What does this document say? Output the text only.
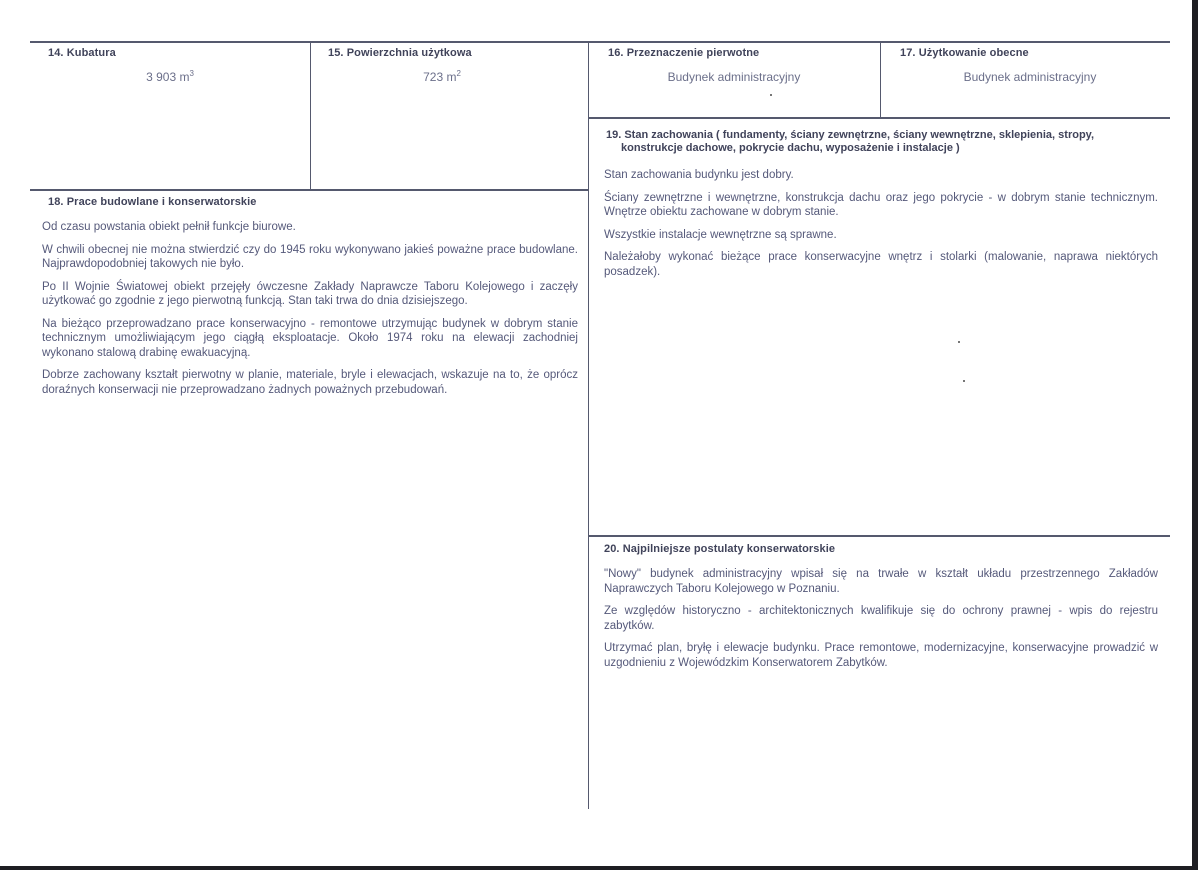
14. Kubatura
3 903 $m^3$
15. Powierzchnia użytkowa
723 $m^2$
16. Przeznaczenie pierwotne
Budynek administracyjny
17. Użytkowanie obecne
Budynek administracyjny
18. Prace budowlane i konserwatorskie

Od czasu powstania obiekt pełnił funkcje biurowe.

W chwili obecnej nie można stwierdzić czy do 1945 roku wykonywano jakieś poważne prace budowlane. Najprawdopodobniej takowych nie było.

Po II Wojnie Światowej obiekt przejęły ówczesne Zakłady Naprawcze Taboru Kolejowego i zaczęły użytkować go zgodnie z jego pierwotną funkcją. Stan taki trwa do dnia dzisiejszego.

Na bieżąco przeprowadzano prace konserwacyjno - remontowe utrzymując budynek w dobrym stanie technicznym umożliwiającym jego ciągłą eksploatacje. Około 1974 roku na elewacji zachodniej wykonano stalową drabinę ewakuacyjną.

Dobrze zachowany kształt pierwotny w planie, materiale, bryle i elewacjach, wskazuje na to, że oprócz doraźnych konserwacji nie przeprowadzano żadnych poważnych przebudowań.

19. Stan zachowania ( fundamenty, ściany zewnętrzne, ściany wewnętrzne, sklepienia, stropy,
konstrukcje dachowe, pokrycie dachu, wyposażenie i instalacje )

Stan zachowania budynku jest dobry.

Ściany zewnętrzne i wewnętrzne, konstrukcja dachu oraz jego pokrycie - w dobrym stanie technicznym. Wnętrze obiektu zachowane w dobrym stanie.

Wszystkie instalacje wewnętrzne są sprawne.

Należałoby wykonać bieżące prace konserwacyjne wnętrz i stolarki (malowanie, naprawa niektórych posadzek).

20. Najpilniejsze postulaty konserwatorskie

"Nowy" budynek administracyjny wpisał się na trwałe w kształt układu przestrzennego Zakładów Naprawczych Taboru Kolejowego w Poznaniu.

Ze względów historyczno - architektonicznych kwalifikuje się do ochrony prawnej - wpis do rejestru zabytków.

Utrzymać plan, bryłę i elewacje budynku. Prace remontowe, modernizacyjne, konserwacyjne prowadzić w uzgodnieniu z Wojewódzkim Konserwatorem Zabytków.
